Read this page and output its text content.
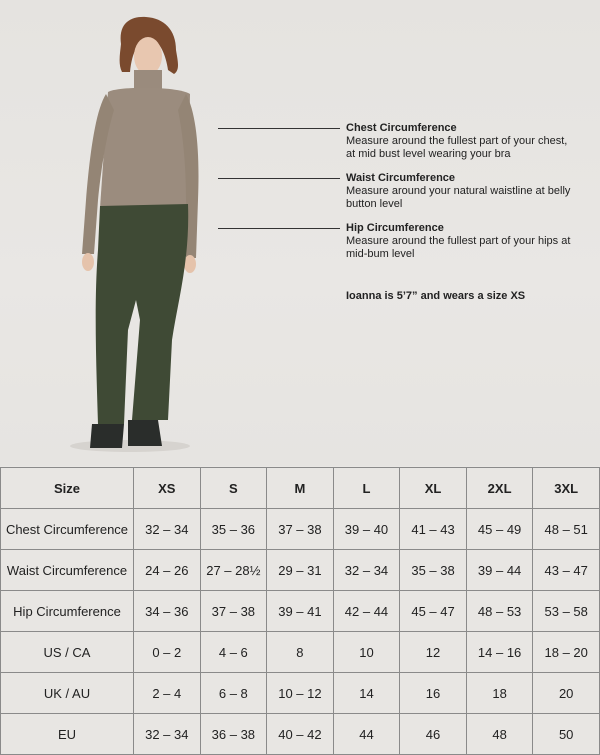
Chest Circumference
Measure around the fullest part of your chest, at mid bust level wearing your bra
Waist Circumference
Measure around your natural waistline at belly button level
Hip Circumference
Measure around the fullest part of your hips at mid-bum level
Ioanna is 5’7” and wears a size XS
Size	XS	S	M	L	XL	2XL	3XL
Chest Circumference	32 – 34	35 – 36	37 – 38	39 – 40	41 – 43	45 – 49	48 – 51
Waist Circumference	24 – 26	27 – 28½	29 – 31	32 – 34	35 – 38	39 – 44	43 – 47
Hip Circumference	34 – 36	37 – 38	39 – 41	42 – 44	45 – 47	48 – 53	53 – 58
US / CA	0 – 2	4 – 6	8	10	12	14 – 16	18 – 20
UK / AU	2 – 4	6 – 8	10 – 12	14	16	18	20
EU	32 – 34	36 – 38	40 – 42	44	46	48	50
